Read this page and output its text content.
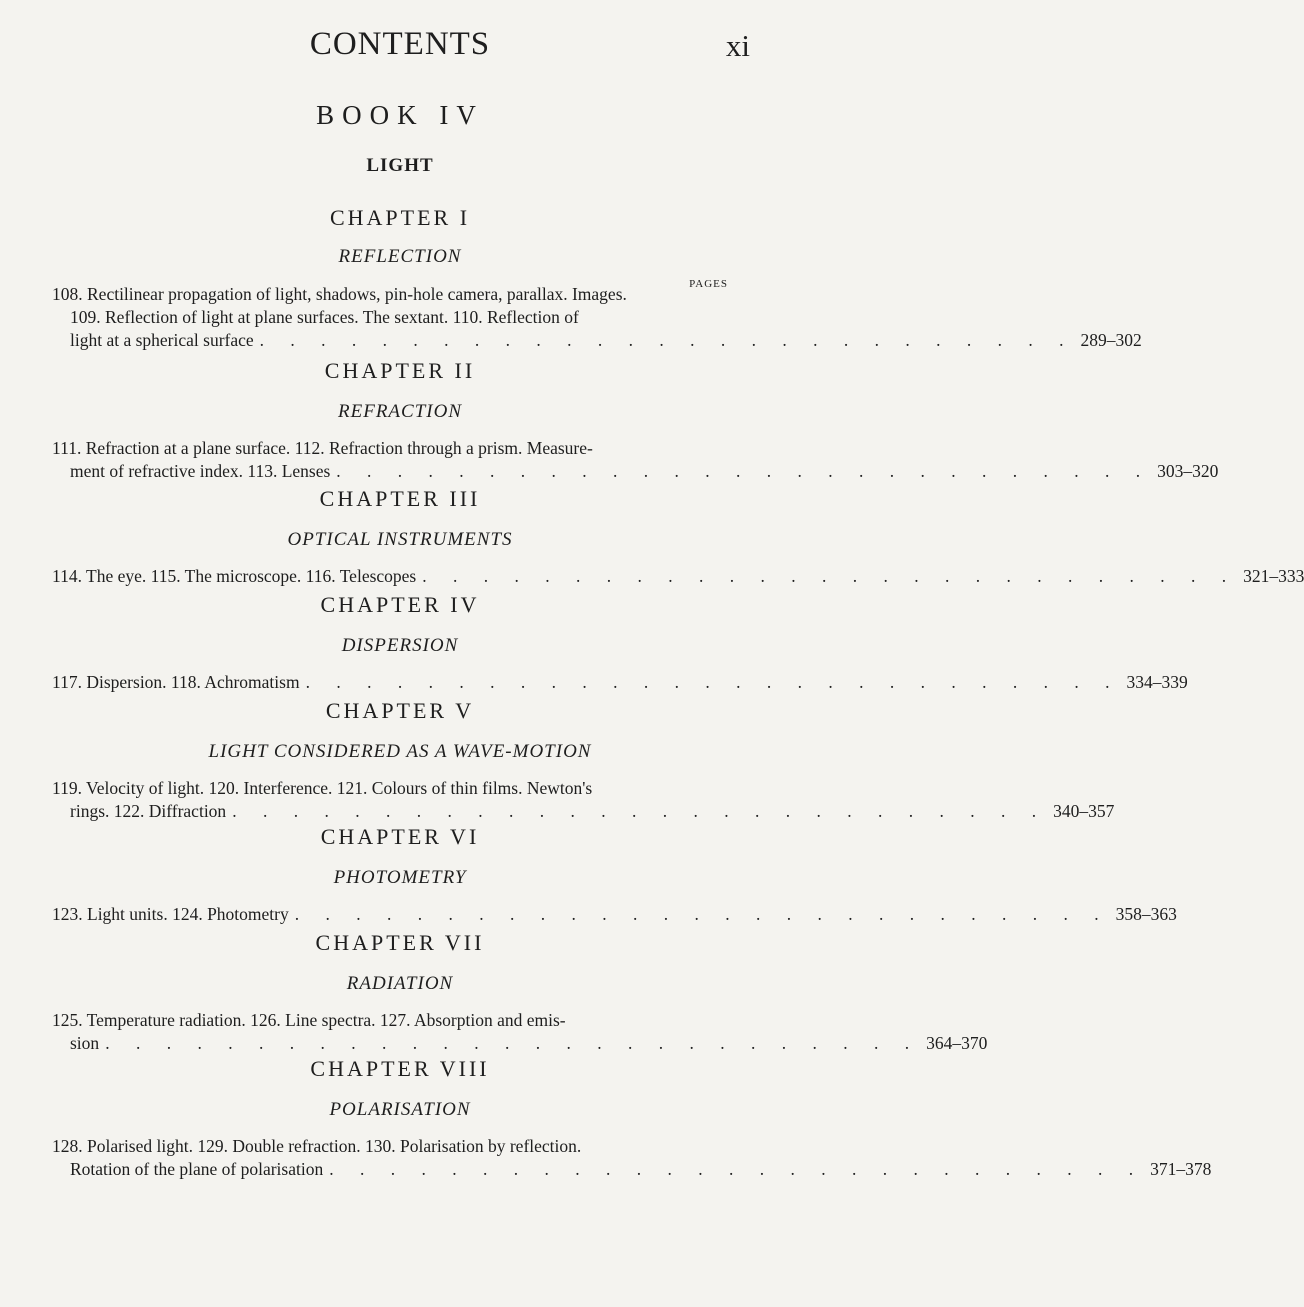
CONTENTS	xi
BOOK IV
LIGHT
PAGES
CHAPTER I
REFLECTION
108. Rectilinear propagation of light, shadows, pin-hole camera, parallax. Images.
109. Reflection of light at plane surfaces. The sextant. 110. Reflection of
light at a spherical surface . . . . . . . . . . . . . . . . . . . . . . . . . . . 289–302
CHAPTER II
REFRACTION
111. Refraction at a plane surface. 112. Refraction through a prism. Measure-
ment of refractive index. 113. Lenses . . . . . . . . . . . . . . . . . . . . . . . . . . . 303–320
CHAPTER III
OPTICAL INSTRUMENTS
114. The eye. 115. The microscope. 116. Telescopes . . . . . . . . . . . . . . . . . . . . . . . . . . . 321–333
CHAPTER IV
DISPERSION
117. Dispersion. 118. Achromatism . . . . . . . . . . . . . . . . . . . . . . . . . . . 334–339
CHAPTER V
LIGHT CONSIDERED AS A WAVE-MOTION
119. Velocity of light. 120. Interference. 121. Colours of thin films. Newton's
rings. 122. Diffraction . . . . . . . . . . . . . . . . . . . . . . . . . . . 340–357
CHAPTER VI
PHOTOMETRY
123. Light units. 124. Photometry . . . . . . . . . . . . . . . . . . . . . . . . . . . 358–363
CHAPTER VII
RADIATION
125. Temperature radiation. 126. Line spectra. 127. Absorption and emis-
sion . . . . . . . . . . . . . . . . . . . . . . . . . . . 364–370
CHAPTER VIII
POLARISATION
128. Polarised light. 129. Double refraction. 130. Polarisation by reflection.
Rotation of the plane of polarisation . . . . . . . . . . . . . . . . . . . . . . . . . . . 371–378
